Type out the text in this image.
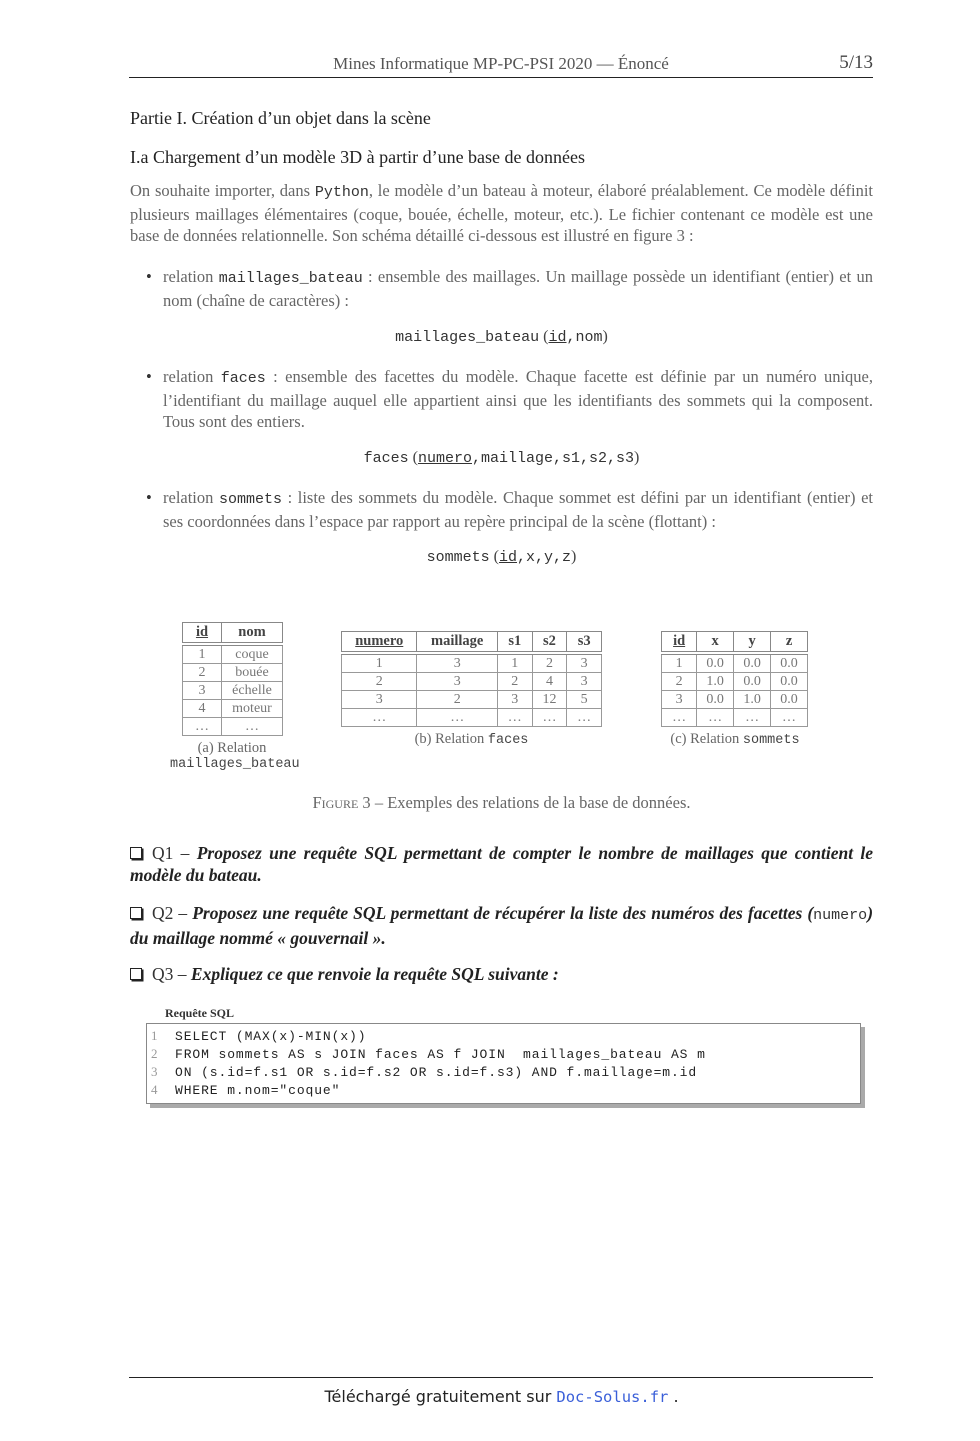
Mines Informatique MP-PC-PSI 2020 — Énoncé	5/13
Partie I. Création d’un objet dans la scène
I.a Chargement d’un modèle 3D à partir d’une base de données
On souhaite importer, dans Python, le modèle d’un bateau à moteur, élaboré préalablement. Ce modèle définit plusieurs maillages élémentaires (coque, bouée, échelle, moteur, etc.). Le fichier contenant ce modèle est une base de données relationnelle. Son schéma détaillé ci-dessous est illustré en figure 3 :
• relation maillages_bateau : ensemble des maillages. Un maillage possède un identifiant (entier) et un nom (chaîne de caractères) :
maillages_bateau (id,nom)
• relation faces : ensemble des facettes du modèle. Chaque facette est définie par un numéro unique, l’identifiant du maillage auquel elle appartient ainsi que les identifiants des sommets qui la composent. Tous sont des entiers.
faces (numero,maillage,s1,s2,s3)
• relation sommets : liste des sommets du modèle. Chaque sommet est défini par un identifiant (entier) et ses coordonnées dans l’espace par rapport au repère principal de la scène (flottant) :
sommets (id,x,y,z)
id	nom
1	coque
2	bouée
3	échelle
4	moteur
…	…
(a) Relation
maillages_bateau
numero	maillage	s1	s2	s3
1	3	1	2	3
2	3	2	4	3
3	2	3	12	5
…	…	…	…	…
(b) Relation faces
id	x	y	z
1	0.0	0.0	0.0
2	1.0	0.0	0.0
3	0.0	1.0	0.0
…	…	…	…
(c) Relation sommets
Figure 3 – Exemples des relations de la base de données.
Q1 – Proposez une requête SQL permettant de compter le nombre de maillages que contient le modèle du bateau.
Q2 – Proposez une requête SQL permettant de récupérer la liste des numéros des facettes (numero) du maillage nommé « gouvernail ».
Q3 – Expliquez ce que renvoie la requête SQL suivante :
Requête SQL
1 SELECT (MAX(x)-MIN(x))
2 FROM sommets AS s JOIN faces AS f JOIN  maillages_bateau AS m
3 ON (s.id=f.s1 OR s.id=f.s2 OR s.id=f.s3) AND f.maillage=m.id
4 WHERE m.nom="coque"
Téléchargé gratuitement sur Doc-Solus.fr .
